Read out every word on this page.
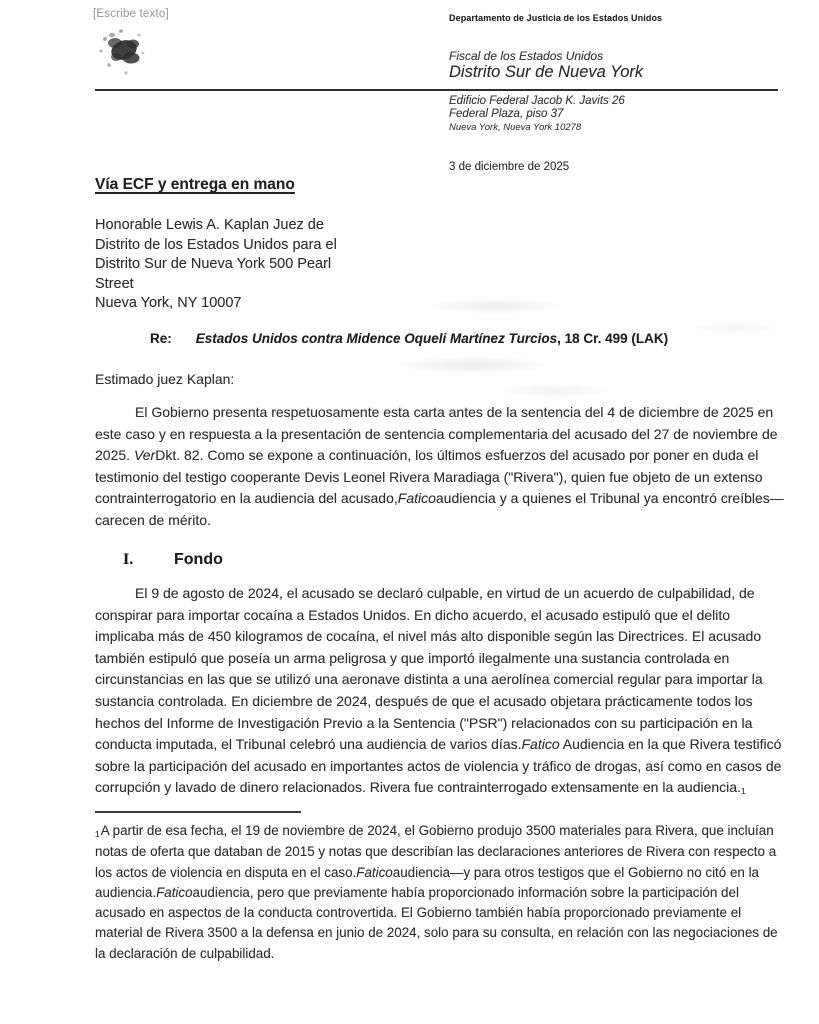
[Escribe texto]	Departamento de Justicia de los Estados Unidos
Fiscal de los Estados Unidos
Distrito Sur de Nueva York
Edificio Federal Jacob K. Javits 26
Federal Plaza, piso 37
Nueva York, Nueva York 10278
3 de diciembre de 2025
Vía ECF y entrega en mano
Honorable Lewis A. Kaplan Juez de
Distrito de los Estados Unidos para el
Distrito Sur de Nueva York 500 Pearl
Street
Nueva York, NY 10007
Re: Estados Unidos contra Midence Oqueli Martínez Turcios, 18 Cr. 499 (LAK)
Estimado juez Kaplan:
El Gobierno presenta respetuosamente esta carta antes de la sentencia del 4 de diciembre de 2025 en este caso y en respuesta a la presentación de sentencia complementaria del acusado del 27 de noviembre de 2025. VerDkt. 82. Como se expone a continuación, los últimos esfuerzos del acusado por poner en duda el testimonio del testigo cooperante Devis Leonel Rivera Maradiaga ("Rivera"), quien fue objeto de un extenso contrainterrogatorio en la audiencia del acusado,Faticoaudiencia y a quienes el Tribunal ya encontró creíbles—carecen de mérito.
I.	Fondo
El 9 de agosto de 2024, el acusado se declaró culpable, en virtud de un acuerdo de culpabilidad, de conspirar para importar cocaína a Estados Unidos. En dicho acuerdo, el acusado estipuló que el delito implicaba más de 450 kilogramos de cocaína, el nivel más alto disponible según las Directrices. El acusado también estipuló que poseía un arma peligrosa y que importó ilegalmente una sustancia controlada en circunstancias en las que se utilizó una aeronave distinta a una aerolínea comercial regular para importar la sustancia controlada. En diciembre de 2024, después de que el acusado objetara prácticamente todos los hechos del Informe de Investigación Previo a la Sentencia ("PSR") relacionados con su participación en la conducta imputada, el Tribunal celebró una audiencia de varios días.Fatico Audiencia en la que Rivera testificó sobre la participación del acusado en importantes actos de violencia y tráfico de drogas, así como en casos de corrupción y lavado de dinero relacionados. Rivera fue contrainterrogado extensamente en la audiencia.1
1A partir de esa fecha, el 19 de noviembre de 2024, el Gobierno produjo 3500 materiales para Rivera, que incluían notas de oferta que databan de 2015 y notas que describían las declaraciones anteriores de Rivera con respecto a los actos de violencia en disputa en el caso.Faticoaudiencia—y para otros testigos que el Gobierno no citó en la audiencia.Faticoaudiencia, pero que previamente había proporcionado información sobre la participación del acusado en aspectos de la conducta controvertida. El Gobierno también había proporcionado previamente el material de Rivera 3500 a la defensa en junio de 2024, solo para su consulta, en relación con las negociaciones de la declaración de culpabilidad.
